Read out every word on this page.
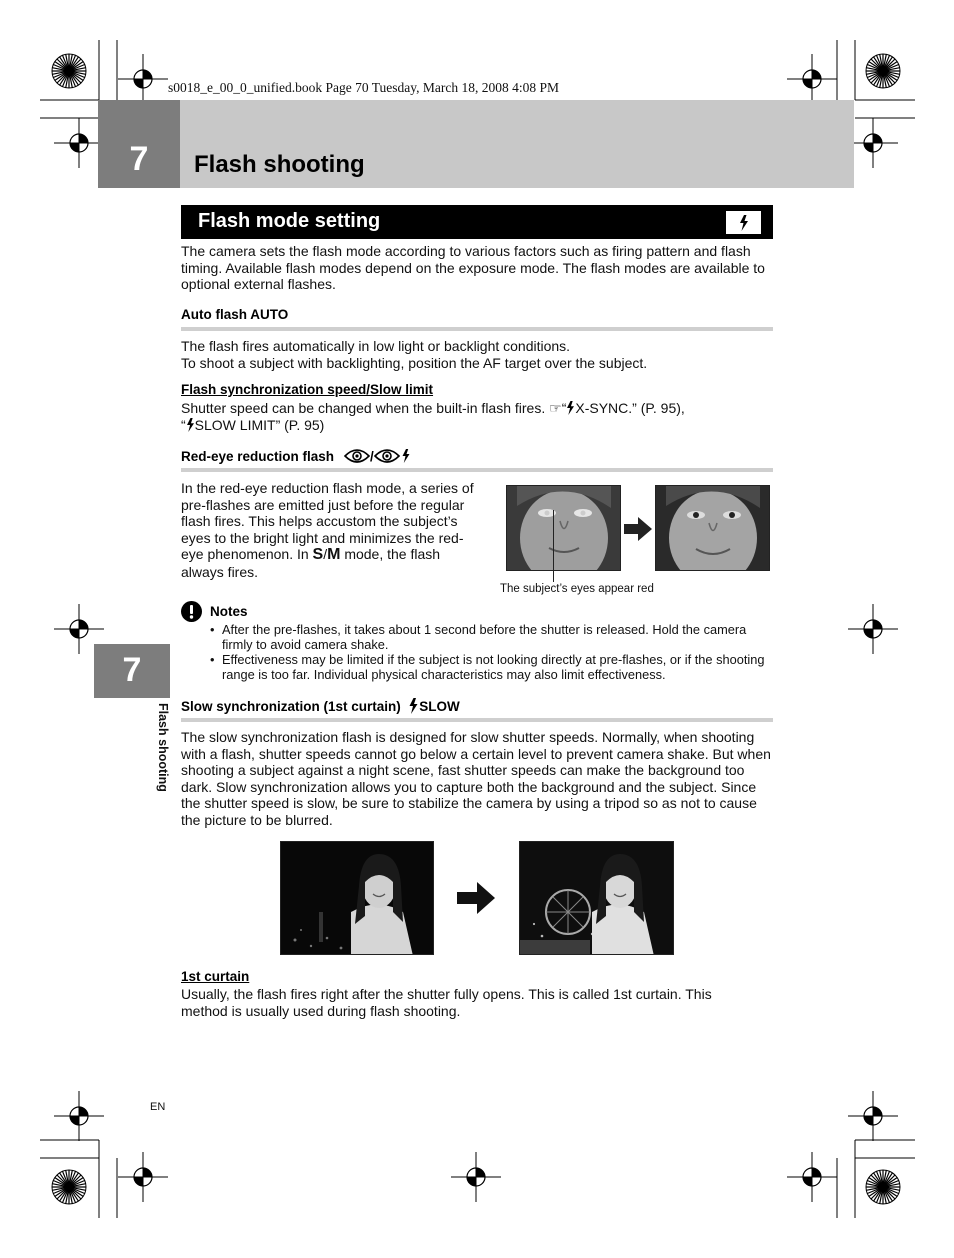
s0018_e_00_0_unified.book Page 70 Tuesday, March 18, 2008 4:08 PM
7	Flash shooting
Flash mode setting
The camera sets the flash mode according to various factors such as firing pattern and flash timing. Available flash modes depend on the exposure mode. The flash modes are available to optional external flashes.
Auto flash AUTO
The flash fires automatically in low light or backlight conditions.
To shoot a subject with backlighting, position the AF target over the subject.
Flash synchronization speed/Slow limit
Shutter speed can be changed when the built-in flash fires. ☞“ X-SYNC.” (P. 95),
“ SLOW LIMIT” (P. 95)
Red-eye reduction flash	/
In the red-eye reduction flash mode, a series of
pre-flashes are emitted just before the regular
flash fires. This helps accustom the subject’s
eyes to the bright light and minimizes the red-
eye phenomenon. In S/M mode, the flash
always fires.
The subject’s eyes appear red
Notes
• After the pre-flashes, it takes about 1 second before the shutter is released. Hold the camera firmly to avoid camera shake.
• Effectiveness may be limited if the subject is not looking directly at pre-flashes, or if the shooting range is too far. Individual physical characteristics may also limit effectiveness.
7
Flash shooting Slow synchronization (1st curtain) SLOW
The slow synchronization flash is designed for slow shutter speeds. Normally, when shooting with a flash, shutter speeds cannot go below a certain level to prevent camera shake. But when shooting a subject against a night scene, fast shutter speeds can make the background too dark. Slow synchronization allows you to capture both the background and the subject. Since the shutter speed is slow, be sure to stabilize the camera by using a tripod so as not to cause the picture to be blurred.
1st curtain
Usually, the flash fires right after the shutter fully opens. This is called 1st curtain. This method is usually used during flash shooting.
EN
